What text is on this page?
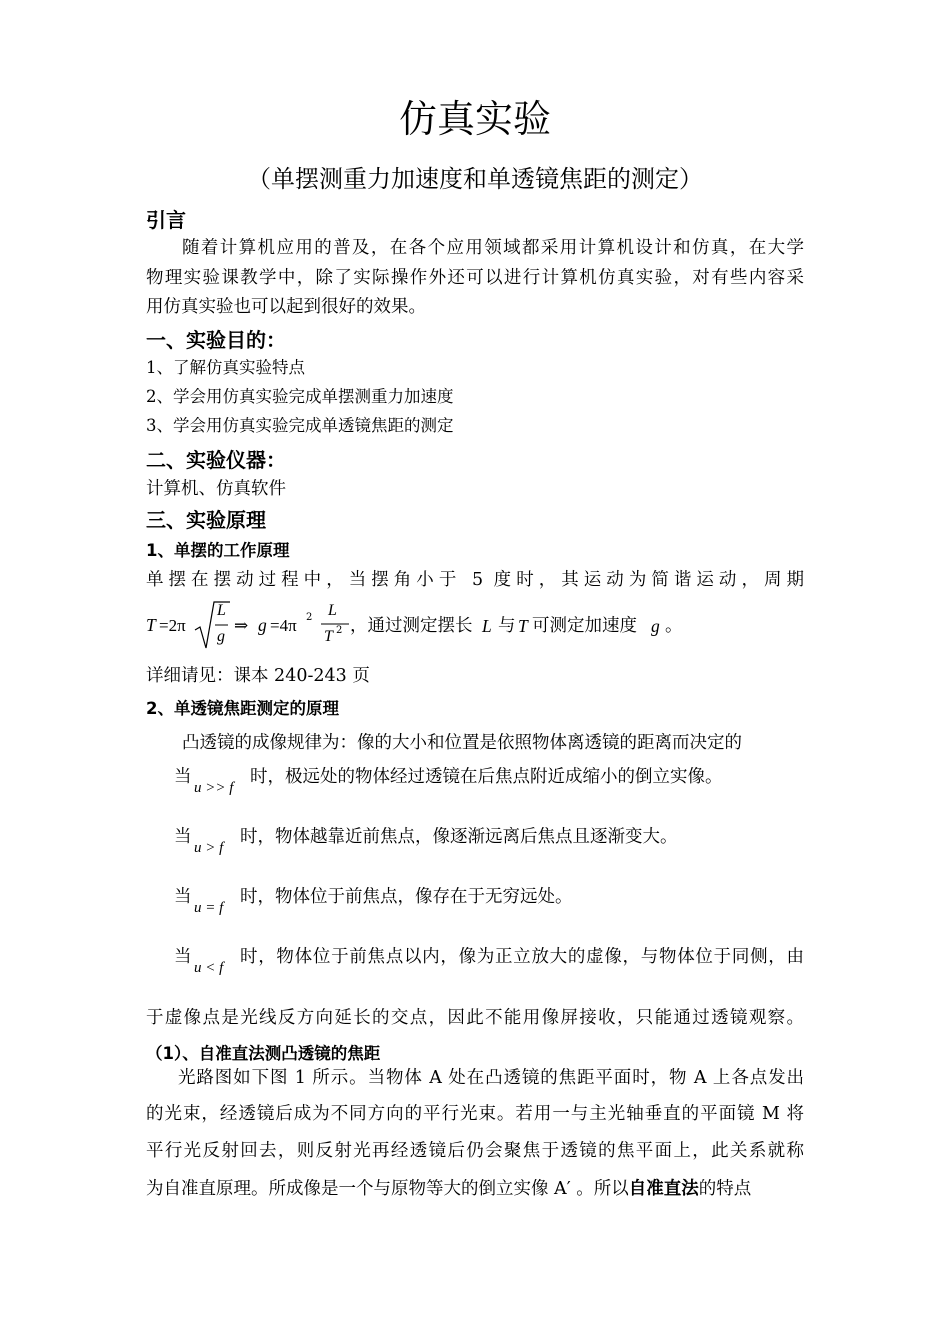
仿真实验
（单摆测重力加速度和单透镜焦距的测定）
引言
随着计算机应用的普及，在各个应用领域都采用计算机设计和仿真，在大学
物理实验课教学中，除了实际操作外还可以进行计算机仿真实验，对有些内容采
用仿真实验也可以起到很好的效果。
一、实验目的：
1、了解仿真实验特点
2、学会用仿真实验完成单摆测重力加速度
3、学会用仿真实验完成单透镜焦距的测定
二、实验仪器：
计算机、仿真软件
三、实验原理
1、单摆的工作原理
单摆在摆动过程中，当摆角小于 5 度时，其运动为简谐运动，周期
T =2π
L
g
⇒ g =4π 2 L
T 2 ，通过测定摆长 L 与 T 可测定加速度 g 。
详细请见：课本 240-243 页
2、单透镜焦距测定的原理
凸透镜的成像规律为：像的大小和位置是依照物体离透镜的距离而决定的
当
u >> f
时，极远处的物体经过透镜在后焦点附近成缩小的倒立实像。
当
u > f
时，物体越靠近前焦点，像逐渐远离后焦点且逐渐变大。
当
u = f
时，物体位于前焦点，像存在于无穷远处。
当
u < f
时，物体位于前焦点以内，像为正立放大的虚像，与物体位于同侧，由
于虚像点是光线反方向延长的交点，因此不能用像屏接收，只能通过透镜观察。
（1）、自准直法测凸透镜的焦距
光路图如下图 1 所示。当物体 A 处在凸透镜的焦距平面时，物 A 上各点发出
的光束，经透镜后成为不同方向的平行光束。若用一与主光轴垂直的平面镜 M 将
平行光反射回去，则反射光再经透镜后仍会聚焦于透镜的焦平面上，此关系就称
为自准直原理。所成像是一个与原物等大的倒立实像 A′ 。所以自准直法的特点
